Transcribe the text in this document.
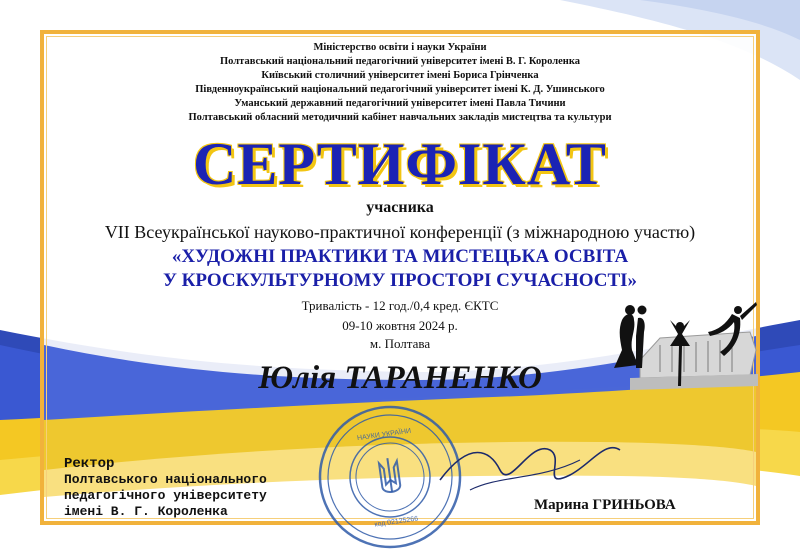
Міністерство освіти і науки України
Полтавський національний педагогічний університет імені В. Г. Короленка
Київський столичний університет імені Бориса Грінченка
Південноукраїнський національний педагогічний університет імені К. Д. Ушинського
Уманський державний педагогічний університет імені Павла Тичини
Полтавський обласний методичний кабінет навчальних закладів мистецтва та культури
СЕРТИФІКАТ
учасника
VII Всеукраїнської науково-практичної конференції (з міжнародною участю)
«ХУДОЖНІ ПРАКТИКИ ТА МИСТЕЦЬКА ОСВІТА
У КРОСКУЛЬТУРНОМУ ПРОСТОРІ СУЧАСНОСТІ»
Тривалість - 12 год./0,4 кред. ЄКТС
09-10 жовтня 2024 р.
м. Полтава
Юлія ТАРАНЕНКО
НАУКИ УКРАЇНИ
код 02125266
Ректор
Полтавського національного
педагогічного університету
імені В. Г. Короленка	Марина ГРИНЬОВА
